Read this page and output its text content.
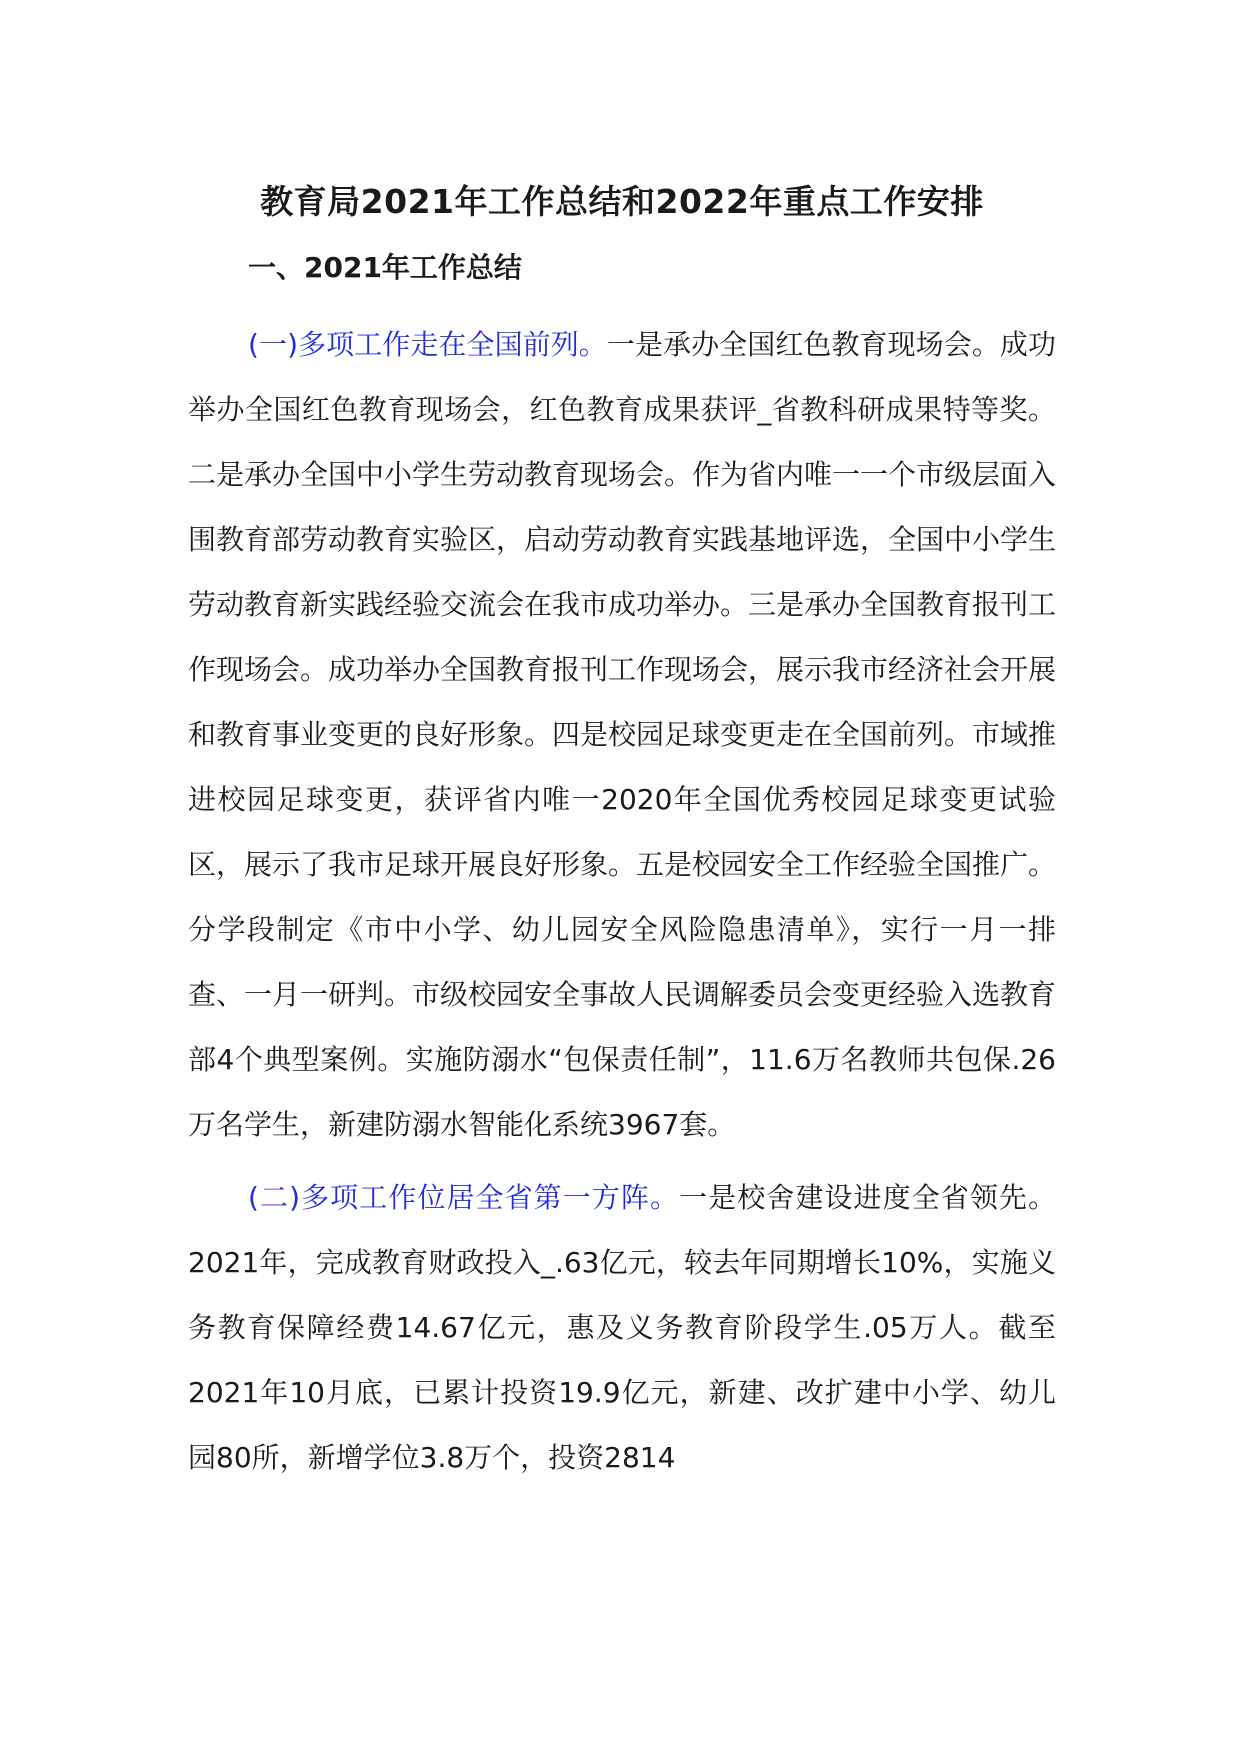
教育局2021年工作总结和2022年重点工作安排
一、2021年工作总结

(一)多项工作走在全国前列。一是承办全国红色教育现场会。成功举办全国红色教育现场会，红色教育成果获评_省教科研成果特等奖。二是承办全国中小学生劳动教育现场会。作为省内唯一一个市级层面入围教育部劳动教育实验区，启动劳动教育实践基地评选，全国中小学生劳动教育新实践经验交流会在我市成功举办。三是承办全国教育报刊工作现场会。成功举办全国教育报刊工作现场会，展示我市经济社会开展和教育事业变更的良好形象。四是校园足球变更走在全国前列。市域推进校园足球变更，获评省内唯一2020年全国优秀校园足球变更试验区，展示了我市足球开展良好形象。五是校园安全工作经验全国推广。分学段制定《市中小学、幼儿园安全风险隐患清单》，实行一月一排查、一月一研判。市级校园安全事故人民调解委员会变更经验入选教育部4个典型案例。实施防溺水“包保责任制”，11.6万名教师共包保.26万名学生，新建防溺水智能化系统3967套。

(二)多项工作位居全省第一方阵。一是校舍建设进度全省领先。2021年，完成教育财政投入_.63亿元，较去年同期增长10%，实施义务教育保障经费14.67亿元，惠及义务教育阶段学生.05万人。截至2021年10月底，已累计投资19.9亿元，新建、改扩建中小学、幼儿园80所，新增学位3.8万个，投资2814
